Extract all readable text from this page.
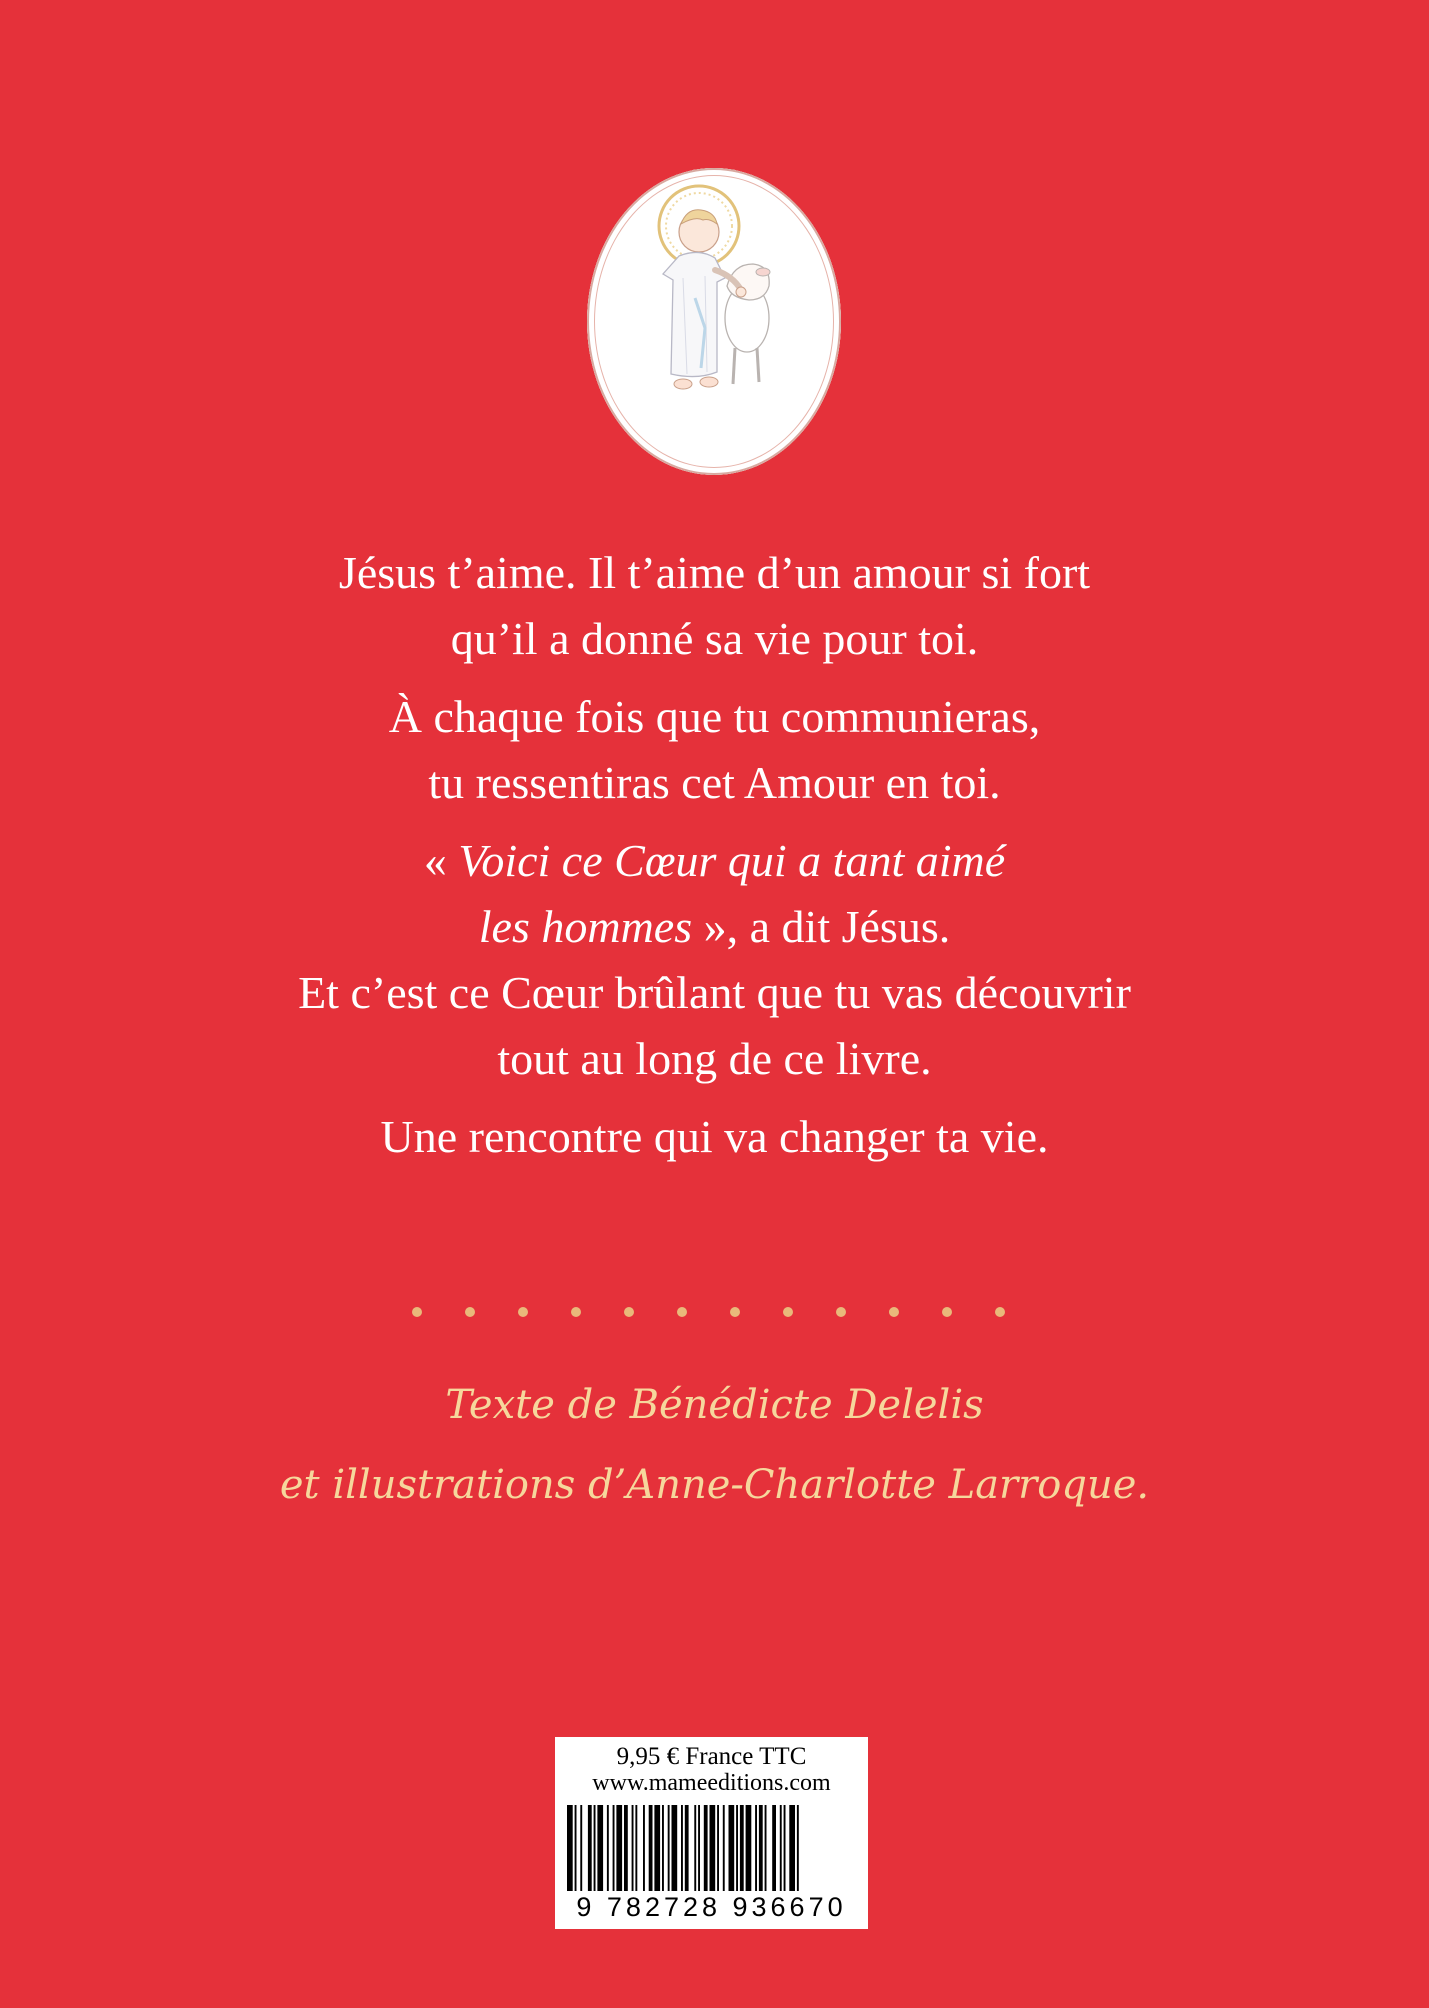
Jésus t’aime. Il t’aime d’un amour si fort
qu’il a donné sa vie pour toi.

À chaque fois que tu communieras,
tu ressentiras cet Amour en toi.

« Voici ce Cœur qui a tant aimé
les hommes », a dit Jésus.
Et c’est ce Cœur brûlant que tu vas découvrir
tout au long de ce livre.

Une rencontre qui va changer ta vie.

Texte de Bénédicte Delelis
et illustrations d’Anne-Charlotte Larroque.
9,95 € France TTC
www.mameeditions.com
9 782728 936670
